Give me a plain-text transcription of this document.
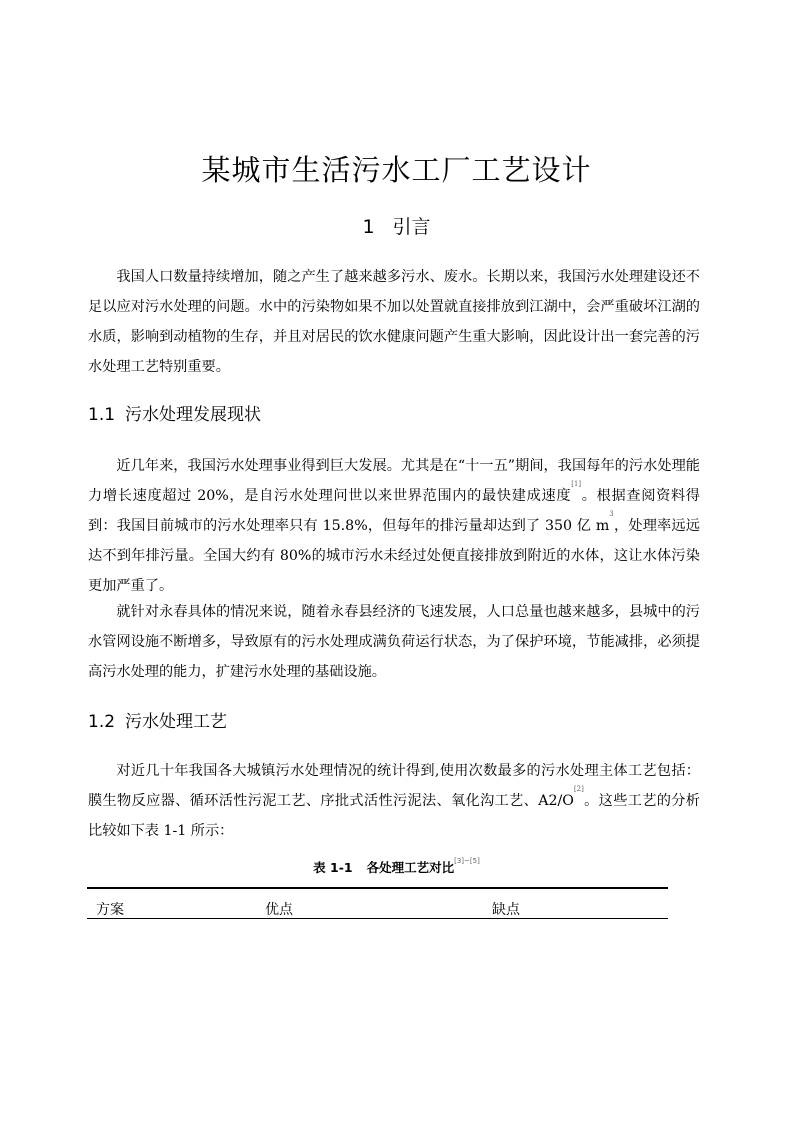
某城市生活污水工厂工艺设计
1 引言
我国人口数量持续增加，随之产生了越来越多污水、废水。长期以来，我国污水处理建设还不足以应对污水处理的问题。水中的污染物如果不加以处置就直接排放到江湖中，会严重破坏江湖的水质，影响到动植物的生存，并且对居民的饮水健康问题产生重大影响，因此设计出一套完善的污水处理工艺特别重要。
1.1 污水处理发展现状
近几年来，我国污水处理事业得到巨大发展。尤其是在“十一五”期间，我国每年的污水处理能力增长速度超过 20%，是自污水处理问世以来世界范围内的最快建成速度[1]。根据查阅资料得到：我国目前城市的污水处理率只有 15.8%，但每年的排污量却达到了 350 亿 $m^3$，处理率远远达不到年排污量。全国大约有 80%的城市污水未经过处便直接排放到附近的水体，这让水体污染更加严重了。
就针对永春具体的情况来说，随着永春县经济的飞速发展，人口总量也越来越多，县城中的污水管网设施不断增多，导致原有的污水处理成满负荷运行状态，为了保护环境，节能减排，必须提高污水处理的能力，扩建污水处理的基础设施。
1.2 污水处理工艺
对近几十年我国各大城镇污水处理情况的统计得到,使用次数最多的污水处理主体工艺包括：膜生物反应器、循环活性污泥工艺、序批式活性污泥法、氧化沟工艺、A2/O[2]。这些工艺的分析比较如下表 1-1 所示：
表 1-1 各处理工艺对比[3]~[5]
方案	优点	缺点
